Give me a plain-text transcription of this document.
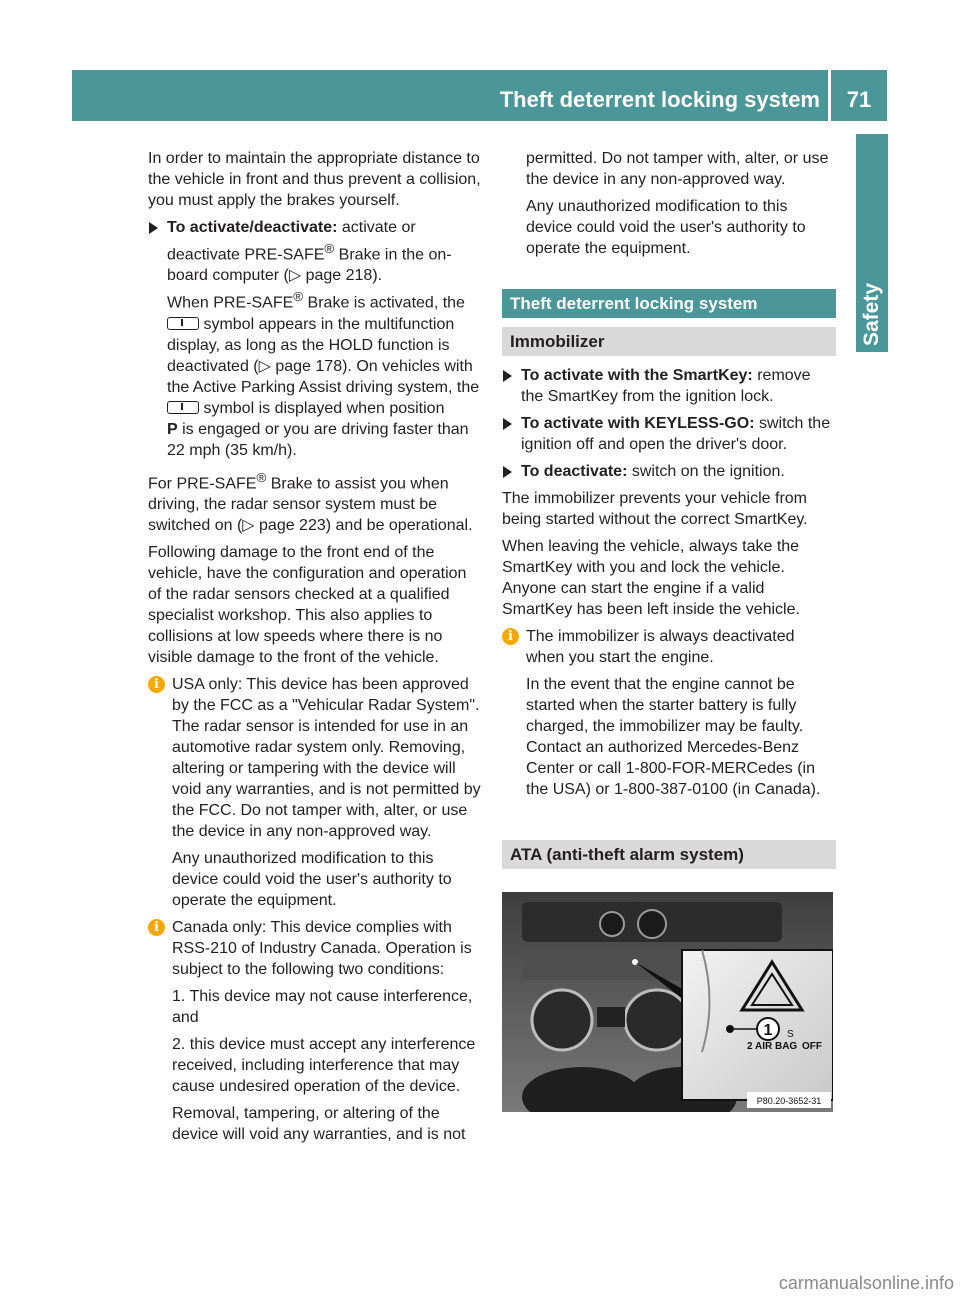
Theft deterrent locking system	71
Safety

In order to maintain the appropriate distance to the vehicle in front and thus prevent a collision, you must apply the brakes yourself.

To activate/deactivate: activate or deactivate PRE-SAFE® Brake in the on-board computer (▷ page 218).
When PRE-SAFE® Brake is activated, the
symbol appears in the multifunction display, as long as the HOLD function is deactivated (▷ page 178). On vehicles with the Active Parking Assist driving system, the  symbol is displayed when position
P is engaged or you are driving faster than 22 mph (35 km/h).

For PRE-SAFE® Brake to assist you when driving, the radar sensor system must be switched on (▷ page 223) and be operational.

Following damage to the front end of the vehicle, have the configuration and operation of the radar sensors checked at a qualified specialist workshop. This also applies to collisions at low speeds where there is no visible damage to the front of the vehicle.

i USA only: This device has been approved by the FCC as a "Vehicular Radar System". The radar sensor is intended for use in an automotive radar system only. Removing, altering or tampering with the device will void any warranties, and is not permitted by the FCC. Do not tamper with, alter, or use the device in any non-approved way.

Any unauthorized modification to this device could void the user's authority to operate the equipment.

i Canada only: This device complies with RSS-210 of Industry Canada. Operation is subject to the following two conditions:

1. This device may not cause interference, and

2. this device must accept any interference received, including interference that may cause undesired operation of the device.

Removal, tampering, or altering of the device will void any warranties, and is not

permitted. Do not tamper with, alter, or use the device in any non-approved way.

Any unauthorized modification to this device could void the user's authority to operate the equipment.

Theft deterrent locking system
Immobilizer
To activate with the SmartKey: remove the SmartKey from the ignition lock.
To activate with KEYLESS-GO: switch the ignition off and open the driver's door.
To deactivate: switch on the ignition.

The immobilizer prevents your vehicle from being started without the correct SmartKey.

When leaving the vehicle, always take the SmartKey with you and lock the vehicle. Anyone can start the engine if a valid SmartKey has been left inside the vehicle.

i The immobilizer is always deactivated when you start the engine.

In the event that the engine cannot be started when the starter battery is fully charged, the immobilizer may be faulty. Contact an authorized Mercedes-Benz Center or call 1-800-FOR-MERCedes (in the USA) or 1-800-387-0100 (in Canada).

ATA (anti-theft alarm system)
1 S
2 AIR BAG OFF
P80.20-3652-31
carmanualsonline.info
